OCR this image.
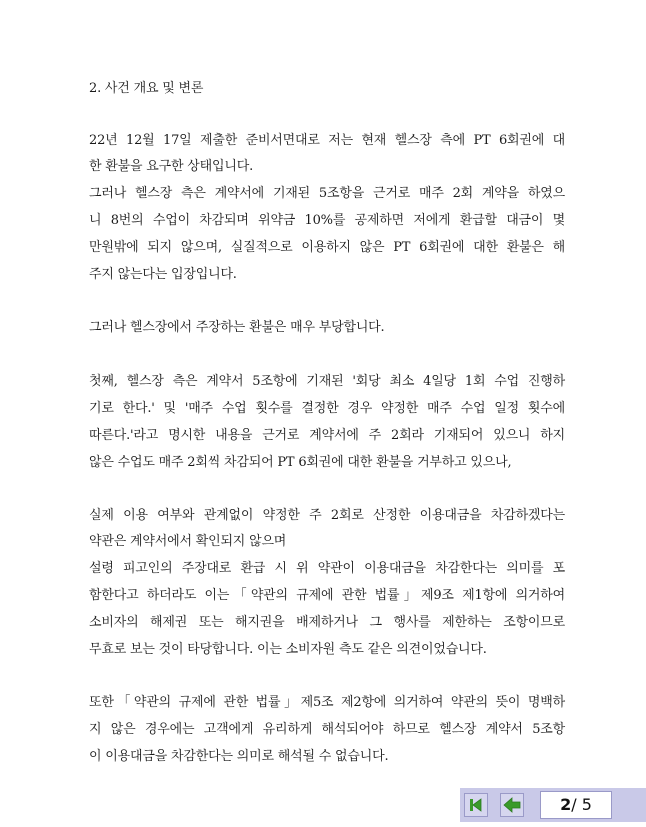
2. 사건 개요 및 변론
22년 12월 17일 제출한 준비서면대로 저는 현재 헬스장 측에 PT 6회권에 대
한 환불을 요구한 상태입니다.
그러나 헬스장 측은 계약서에 기재된 5조항을 근거로 매주 2회 계약을 하였으
니 8번의 수업이 차감되며 위약금 10%를 공제하면 저에게 환급할 대금이 몇
만원밖에 되지 않으며, 실질적으로 이용하지 않은 PT 6회권에 대한 환불은 해
주지 않는다는 입장입니다.
그러나 헬스장에서 주장하는 환불은 매우 부당합니다.
첫째, 헬스장 측은 계약서 5조항에 기재된 '회당 최소 4일당 1회 수업 진행하
기로 한다.' 및 '매주 수업 횟수를 결정한 경우 약정한 매주 수업 일정 횟수에
따른다.'라고 명시한 내용을 근거로 계약서에 주 2회라 기재되어 있으니 하지
않은 수업도 매주 2회씩 차감되어 PT 6회권에 대한 환불을 거부하고 있으나,
실제 이용 여부와 관계없이 약정한 주 2회로 산정한 이용대금을 차감하겠다는
약관은 계약서에서 확인되지 않으며
설령 피고인의 주장대로 환급 시 위 약관이 이용대금을 차감한다는 의미를 포
함한다고 하더라도 이는「약관의 규제에 관한 법률」제9조 제1항에 의거하여
소비자의 해제권 또는 해지권을 배제하거나 그 행사를 제한하는 조항이므로
무효로 보는 것이 타당합니다. 이는 소비자원 측도 같은 의견이었습니다.
또한「약관의 규제에 관한 법률」제5조 제2항에 의거하여 약관의 뜻이 명백하
지 않은 경우에는 고객에게 유리하게 해석되어야 하므로 헬스장 계약서 5조항
이 이용대금을 차감한다는 의미로 해석될 수 없습니다.
2/ 5
